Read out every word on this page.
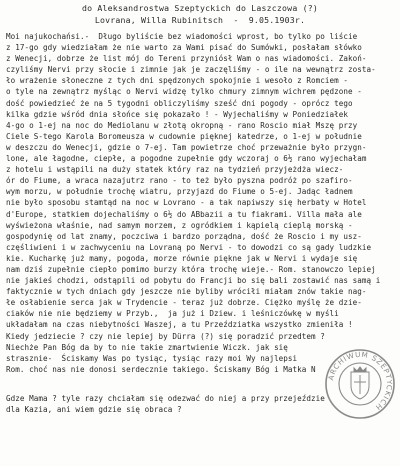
do Aleksandrostwa Szeptyckich do Laszczowa (?)
Lovrana, Willa Rubinitsch  -  9.05.1903r.
Moi najukochańsi.-  Długo byliście bez wiadomości wprost, bo tylko po liście
z 17-go gdy wiedziałam że nie warto za Wami pisać do Sumówki, posłałam słówko
z Wenecji, dobrze że list mój do Tereni przyniósł Wam o nas wiadomości. Zakoń-
czyliśmy Nervi przy słocie i zimnie jak je zaczęliśmy - o ile na wewnątrz zosta-
ło wrażenie słoneczne z tych dni spędzonych spokojnie i wesoło z Romciem -
o tyle na zewnątrz myśląc o Nervi widzę tylko chmury zimnym wichrem pędzone -
dość powiedzieć że na 5 tygodni obliczyliśmy sześć dni pogody - oprócz tego
kilka gdzie wśród dnia słońce się pokazało ! - Wyjechaliśmy w Poniedziałek
4-go o 1-ej na noc do Mediolanu w złotą okropną - rano Roscio miał Mszę przy
Ciele S-tego Karola Boromeusza w cudownie pięknej katedrze, o 1-ej w południe
w deszczu do Wenecji, gdzie o 7-ej. Tam powietrze choć przeważnie było przygn-
lone, ale łagodne, ciepłe, a pogodne zupełnie gdy wczoraj o 6½ rano wyjechałam
z hotelu i wstąpili na duży statek który raz na tydzień przyjeżdża wiecz-
ór do Fiume, a wraca nazajutrz rano - to też było pyszna podróż po szafiro-
wym morzu, w południe trochę wiatru, przyjazd do Fiume o 5-ej. Jadąc ładnem
nie było sposobu stamtąd na noc w Lovrano - a tak napiwszy się herbaty w Hotel
d'Europe, statkiem dojechaliśmy o 6½ do ABbazii a tu fiakrami. Villa mała ale
wyświeżona właśnie, nad samym morzem, z ogródkiem i kąpielą cieplą morską -
gospodynię od lat znamy, poczciwa i bardzo porządna, dość że Roscio i my usz-
częśliwieni i w zachwyceniu na Lovraną po Nervi - to dowodzi co są gady ludzkie
kie. Kucharkę już mamy, pogoda, morze równie piękne jak w Nervi i wydaje się
nam dziś zupełnie ciepło pomimo burzy która trochę wieje.- Rom. stanowczo lepiej
nie jakieś chodzi, odstąpili od pobytu do Francji bo się bali zostawić nas samą i
faktycznie w tych dniach gdy jeszcze nie byliby wróciłi miałam znów takie nag-
łe osłabienie serca jak w Trydencie - teraz już dobrze. Ciężko myślę że dzie-
ciaków nie nie będziemy w Przyb.,  ja już i Dziew. i leśniczówkę w myśli
układałam na czas niebytności Waszej, a tu Przeździatka wszystko zmieniła !
Kiedy jedziecie ? czy nie lepiej by Dürra (?) się poradzić przedtem ?
Niechże Pan Bóg da by to nie takie zmartwienie Wiczk. jak się
strasznie-  Ściskamy Was po tysiąc, tysiąc razy moi Wy najlepsi
Rom. choć nas nie donosi serdecznie takiego. Ściskamy Bóg i Matka N
Gdze Mama ? tyle razy chciałam się odezwać do niej a przy przejeździe
dla Kazia, ani wiem gdzie się obraca ?
ARCHIWUM SZEPTYCKICH
